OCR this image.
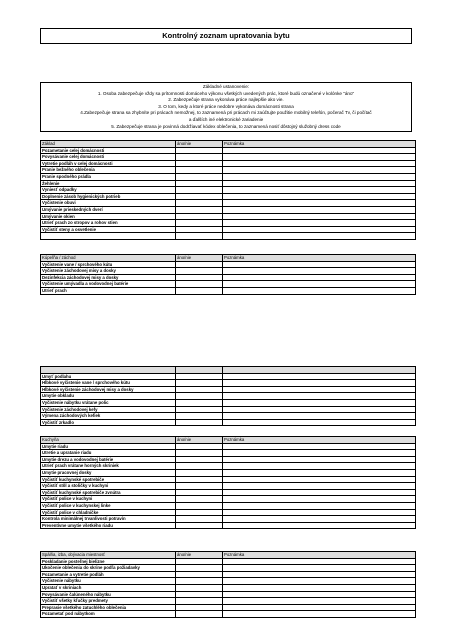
Kontrolný zoznam upratovania bytu
Základné ustanovenie:
1. Osoba zabezpečuje vždy sa prítomnosti domáceho výkonu všetkých uvedených prác, ktoré budú označené v kolónke "áno"
2. Zabezpečuje strana vykonáva práce najlepšie ako vie.
3. O tom, kedy a ktoré práce nedobre vykonáva domácnosti strana
4.Zabezpečuje strana sa zhybníte pri prácach nemožnej, to zaznamená pri prácach mi zaúčtujte použitie mobilný telefón, počerač Tv, či počítač
a ďalších iné elektronické zariadenie
5. Zabezpečuje strana je povinná dodržiavať kódex oblečenia, to zaznamená nosiť dôstojný služobný dress code
Základ	áno/nie	Poznámka	
Pozametanie celej domácnosti			
Povysávanie celej domácnosti			
Vytretie podláh v celej domácnosti			
Pranie bežného oblečenia			
Pranie spodného prádla			
Žehlenie			
Vyniesť odpadky			
Doplnenie zásob hygienických potrieb			
Vyčistenie obuvi			
Umývanie prieskedných dverí			
Umývanie okien			
Utrieť prach zo stropov a rohov stien			
Vyčistiť steny a osvetlenie			

Kúpeľňa / záchod	áno/nie	Poznámka	
Vyčistenie vane / sprchového kútu			
Vyčistenie záchodovej misy a dosky			
Dezinfekcia záchodovej misy a dosky			
Vyčistenie umývadla a vodovodnej batérie			
Utrieť prach			

Umyť podlahu			
Hĺbkové vyčistenie vane / sprchového kútu			
Hĺbkové vyčistenie záchodovej misy a dosky			
Umytie obkladu			
Vyčistenie nábytku vrátane polic			
Vyčistenie záchodovej kefy			
Výmena záchodových kefiek			
Vyčistiť zrkadlo			
Kuchyňa	áno/nie	Poznámka	
Umytie riadu			
Utretie a upratanie riadu			
Umytie drezu a vodovodnej batérie			
Utrieť prach vrátane horných skriniek			
Umytie pracovnej dosky			
Vyčistiť kuchynské spotrebiče			
Vyčistiť stôl a stoličky v kuchyni			
Vyčistiť kuchynské spotrebiče zvnútra			
Vyčistiť police v kuchyni			
Vyčistiť police v kuchynskej linke			
Vyčistiť police v chladničke			
Kontrola minimálnej trvanlivosti potravín			
Preventívne umytie všetkého riadu			
Spálňa, izba, obývacia miestnosť	áno/nie	Poznámka	
Poskladanie posteľnej bielizne			
Ukočenie oblečenia do skrine podľa požiadavky			
Pozametanie a vytretie podláh			
Vyčistenie nábytku			
Upratať v skriniach			
Povysávanie čalúneného nábytku			
Vyčistiť všetky kľučky predmety			
Preprasie všetkého zatuchlého oblečenia			
Pozametať pod nábytkom			
